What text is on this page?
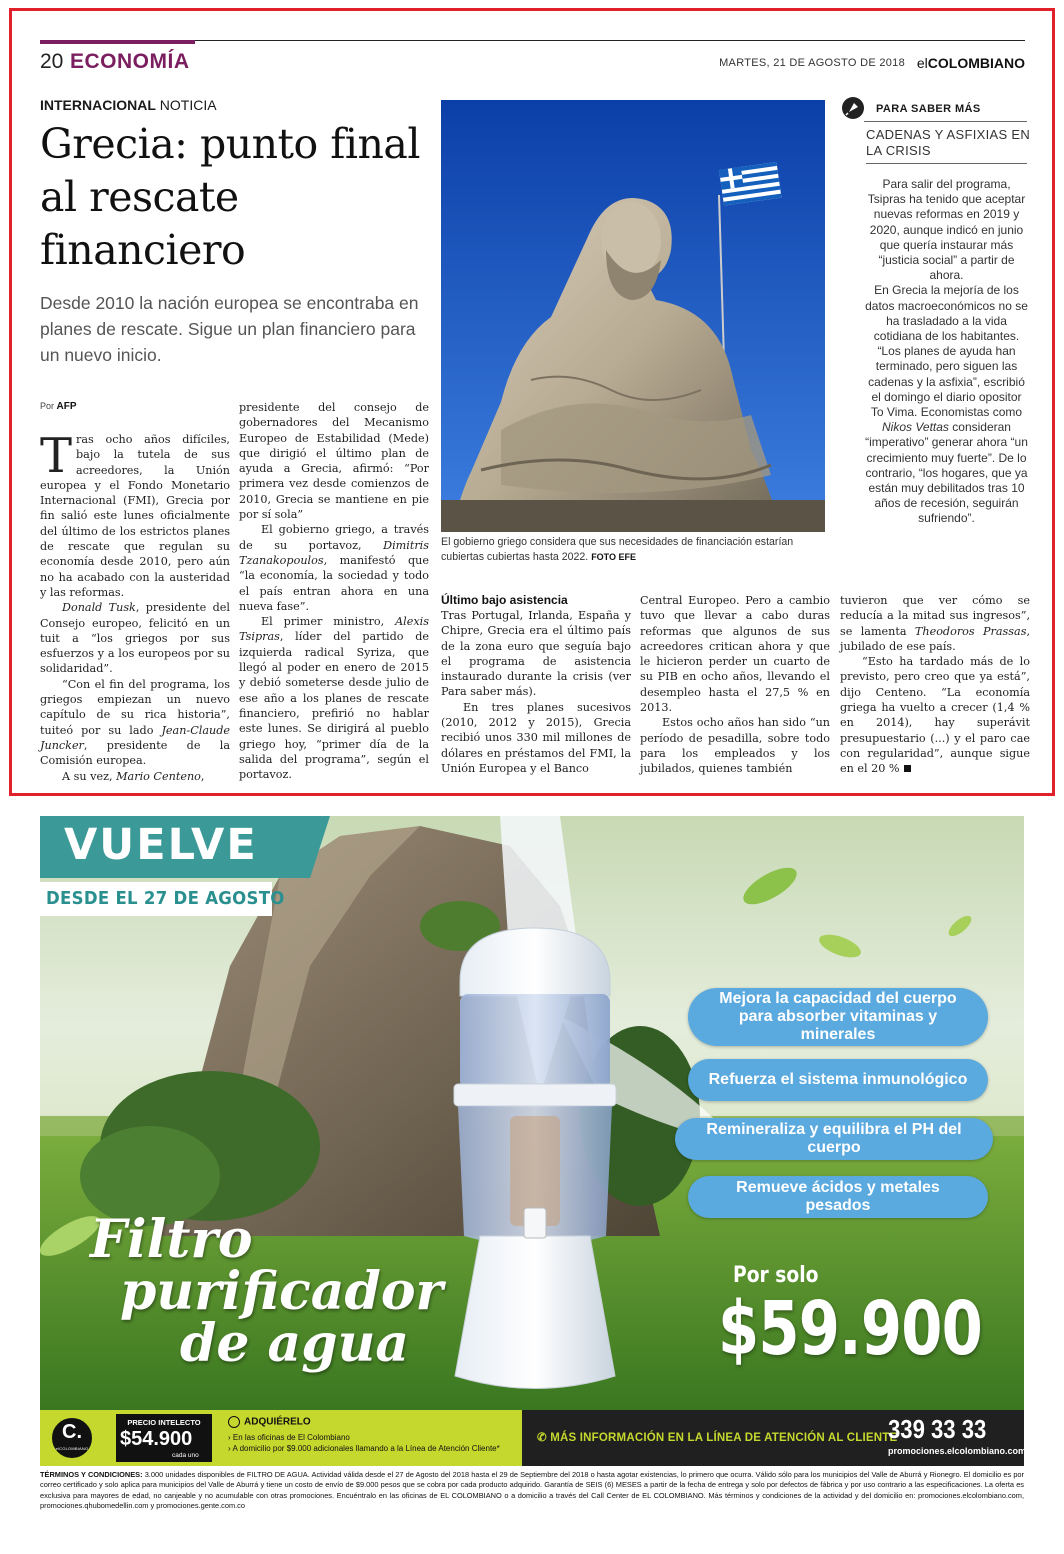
20 ECONOMÍA	MARTES, 21 DE AGOSTO DE 2018 elCOLOMBIANO
INTERNACIONAL NOTICIA
Grecia: punto final al rescate financiero
Desde 2010 la nación europea se encontraba en planes de rescate. Sigue un plan financiero para un nuevo inicio.
Por AFP

Tras ocho años difíciles, bajo la tutela de sus acreedores, la Unión europea y el Fondo Monetario Internacional (FMI), Grecia por fin salió este lunes oficialmente del último de los estrictos planes de rescate que regulan su economía desde 2010, pero aún no ha acabado con la austeridad y las reformas.

Donald Tusk, presidente del Consejo europeo, felicitó en un tuit a “los griegos por sus esfuerzos y a los europeos por su solidaridad”.

“Con el fin del programa, los griegos empiezan un nuevo capítulo de su rica historia”, tuiteó por su lado Jean-Claude Juncker, presidente de la Comisión europea.

A su vez, Mario Centeno,

presidente del consejo de gobernadores del Mecanismo Europeo de Estabilidad (Mede) que dirigió el último plan de ayuda a Grecia, afirmó: “Por primera vez desde comienzos de 2010, Grecia se mantiene en pie por sí sola”

El gobierno griego, a través de su portavoz, Dimitris Tzanakopoulos, manifestó que “la economía, la sociedad y todo el país entran ahora en una nueva fase”.

El primer ministro, Alexis Tsipras, líder del partido de izquierda radical Syriza, que llegó al poder en enero de 2015 y debió someterse desde julio de ese año a los planes de rescate financiero, prefirió no hablar este lunes. Se dirigirá al pueblo griego hoy, “primer día de la salida del programa”, según el portavoz.

El gobierno griego considera que sus necesidades de financiación estarían cubiertas cubiertas hasta 2022. FOTO EFE

Último bajo asistencia

Tras Portugal, Irlanda, España y Chipre, Grecia era el último país de la zona euro que seguía bajo el programa de asistencia instaurado durante la crisis (ver Para saber más).

En tres planes sucesivos (2010, 2012 y 2015), Grecia recibió unos 330 mil millones de dólares en préstamos del FMI, la Unión Europea y el Banco

Central Europeo. Pero a cambio tuvo que llevar a cabo duras reformas que algunos de sus acreedores critican ahora y que le hicieron perder un cuarto de su PIB en ocho años, llevando el desempleo hasta el 27,5 % en 2013.

Estos ocho años han sido “un período de pesadilla, sobre todo para los empleados y los jubilados, quienes también

tuvieron que ver cómo se reducía a la mitad sus ingresos”, se lamenta Theodoros Prassas, jubilado de ese país.

“Esto ha tardado más de lo previsto, pero creo que ya está”, dijo Centeno. “La economía griega ha vuelto a crecer (1,4 % en 2014), hay superávit presupuestario (...) y el paro cae con regularidad”, aunque sigue en el 20 %

PARA SABER MÁS
CADENAS Y ASFIXIAS EN LA CRISIS

Para salir del programa, Tsipras ha tenido que aceptar nuevas reformas en 2019 y 2020, aunque indicó en junio que quería instaurar más “justicia social” a partir de ahora.

En Grecia la mejoría de los datos macroeconómicos no se ha trasladado a la vida cotidiana de los habitantes. “Los planes de ayuda han terminado, pero siguen las cadenas y la asfixia”, escribió el domingo el diario opositor To Vima. Economistas como Nikos Vettas consideran “imperativo” generar ahora “un crecimiento muy fuerte”. De lo contrario, “los hogares, que ya están muy debilitados tras 10 años de recesión, seguirán sufriendo”.

VUELVE
DESDE EL 27 DE AGOSTO
Mejora la capacidad del cuerpo para absorber vitaminas y minerales
Refuerza el sistema inmunológico
Remineraliza y equilibra el PH del cuerpo
Remueve ácidos y metales pesados
Filtro
purificador
de agua
Por solo
$59.900
C.
elCOLOMBIANO
PRECIO INTELECTO
$54.900
cada uno
ADQUIÉRELO
› En las oficinas de El Colombiano
› A domicilio por $9.000 adicionales llamando a la Línea de Atención Cliente*
✆ MÁS INFORMACIÓN EN LA LÍNEA DE ATENCIÓN AL CLIENTE
339 33 33
promociones.elcolombiano.com
TÉRMINOS Y CONDICIONES: 3.000 unidades disponibles de FILTRO DE AGUA. Actividad válida desde el 27 de Agosto del 2018 hasta el 29 de Septiembre del 2018 o hasta agotar existencias, lo primero que ocurra. Válido sólo para los municipios del Valle de Aburrá y Rionegro. El domicilio es por correo certificado y solo aplica para municipios del Valle de Aburrá y tiene un costo de envío de $9.000 pesos que se cobra por cada producto adquirido. Garantía de SEIS (6) MESES a partir de la fecha de entrega y solo por defectos de fábrica y por uso contrario a las especificaciones. La oferta es exclusiva para mayores de edad, no canjeable y no acumulable con otras promociones. Encuéntralo en las oficinas de EL COLOMBIANO o a domicilio a través del Call Center de EL COLOMBIANO. Más términos y condiciones de la actividad y del domicilio en: promociones.elcolombiano.com, promociones.qhubomedellin.com y promociones.gente.com.co
